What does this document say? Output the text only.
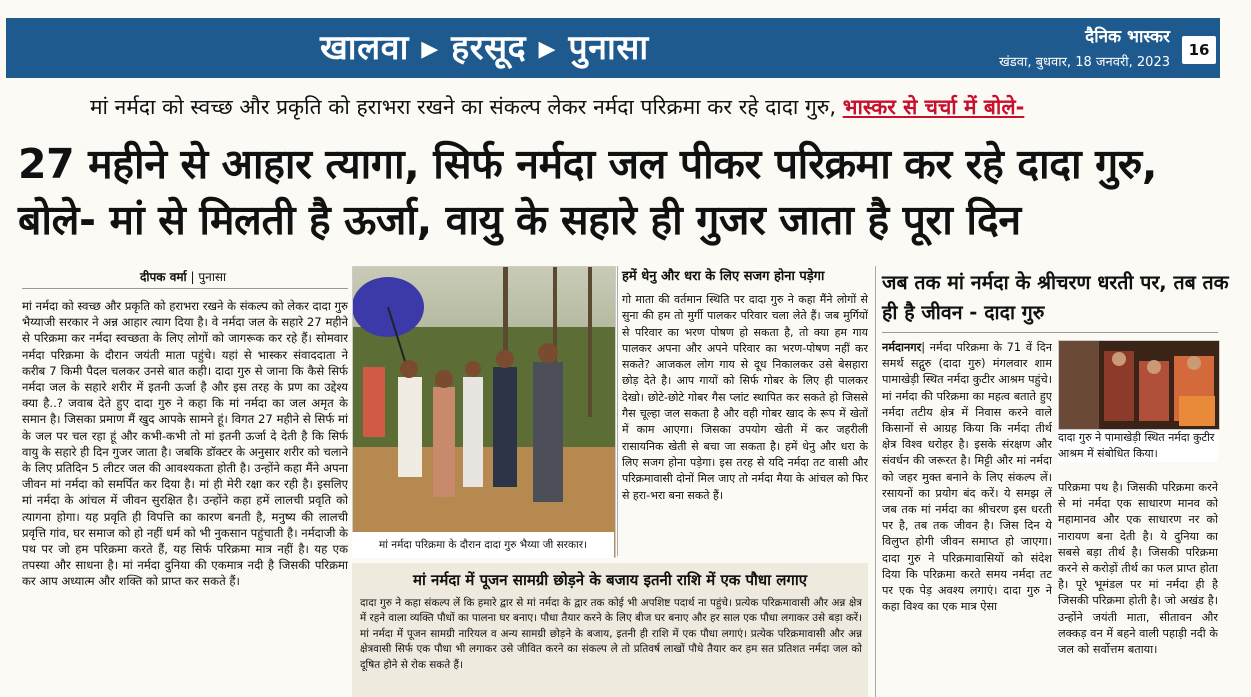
खालवा ▸ हरसूद ▸ पुनासा	दैनिक भास्कर
खंडवा, बुधवार, 18 जनवरी, 2023
16
मां नर्मदा को स्वच्छ और प्रकृति को हराभरा रखने का संकल्प लेकर नर्मदा परिक्रमा कर रहे दादा गुरु, भास्कर से चर्चा में बोले-
27 महीने से आहार त्यागा, सिर्फ नर्मदा जल पीकर परिक्रमा कर रहे दादा गुरु, बोले- मां से मिलती है ऊर्जा, वायु के सहारे ही गुजर जाता है पूरा दिन
दीपक वर्मा | पुनासा
मां नर्मदा को स्वच्छ और प्रकृति को हराभरा रखने के संकल्प को लेकर दादा गुरु भैय्याजी सरकार ने अन्न आहार त्याग दिया है। वे नर्मदा जल के सहारे 27 महीने से परिक्रमा कर नर्मदा स्वच्छता के लिए लोगों को जागरूक कर रहे हैं। सोमवार नर्मदा परिक्रमा के दौरान जयंती माता पहुंचे। यहां से भास्कर संवाददाता ने करीब 7 किमी पैदल चलकर उनसे बात कही। दादा गुरु से जाना कि कैसे सिर्फ नर्मदा जल के सहारे शरीर में इतनी ऊर्जा है और इस तरह के प्रण का उद्देश्य क्या है..? जवाब देते हुए दादा गुरु ने कहा कि मां नर्मदा का जल अमृत के समान है। जिसका प्रमाण मैं खुद आपके सामने हूं। विगत 27 महीने से सिर्फ मां के जल पर चल रहा हूं और कभी-कभी तो मां इतनी ऊर्जा दे देती है कि सिर्फ वायु के सहारे ही दिन गुजर जाता है। जबकि डॉक्टर के अनुसार शरीर को चलाने के लिए प्रतिदिन 5 लीटर जल की आवश्यकता होती है। उन्होंने कहा मैंने अपना जीवन मां नर्मदा को समर्पित कर दिया है। मां ही मेरी रक्षा कर रही है। इसलिए मां नर्मदा के आंचल में जीवन सुरक्षित है। उन्होंने कहा हमें लालची प्रवृति को त्यागना होगा। यह प्रवृति ही विपत्ति का कारण बनती है, मनुष्य की लालची प्रवृत्ति गांव, घर समाज को हो नहीं धर्म को भी नुकसान पहुंचाती है। नर्मदाजी के पथ पर जो हम परिक्रमा करते हैं, यह सिर्फ परिक्रमा मात्र नहीं है। यह एक तपस्या और साधना है। मां नर्मदा दुनिया की एकमात्र नदी है जिसकी परिक्रमा कर आप अध्यात्म और शक्ति को प्राप्त कर सकते हैं।
मां नर्मदा परिक्रमा के दौरान दादा गुरु भैय्या जी सरकार।
हमें धेनु और धरा के लिए सजग होना पड़ेगा
गो माता की वर्तमान स्थिति पर दादा गुरु ने कहा मैंने लोगों से सुना की हम तो मुर्गी पालकर परिवार चला लेते हैं। जब मुर्गियों से परिवार का भरण पोषण हो सकता है, तो क्या हम गाय पालकर अपना और अपने परिवार का भरण-पोषण नहीं कर सकते? आजकल लोग गाय से दूध निकालकर उसे बेसहारा छोड़ देते है। आप गायों को सिर्फ गोबर के लिए ही पालकर देखो। छोटे-छोटे गोबर गैस प्लांट स्थापित कर सकते हो जिससे गैस चूल्हा जल सकता है और वही गोबर खाद के रूप में खेतों में काम आएगा। जिसका उपयोग खेती में कर जहरीली रासायनिक खेती से बचा जा सकता है। हमें धेनु और धरा के लिए सजग होना पड़ेगा। इस तरह से यदि नर्मदा तट वासी और परिक्रमावासी दोनों मिल जाए तो नर्मदा मैया के आंचल को फिर से हरा-भरा बना सकते हैं।
मां नर्मदा में पूजन सामग्री छोड़ने के बजाय इतनी राशि में एक पौधा लगाए
दादा गुरु ने कहा संकल्प लें कि हमारे द्वार से मां नर्मदा के द्वार तक कोई भी अपशिष्ट पदार्थ ना पहुंचे। प्रत्येक परिक्रमावासी और अन्न क्षेत्र में रहने वाला व्यक्ति पौधों का पालना घर बनाए। पौधा तैयार करने के लिए बीज घर बनाए और हर साल एक पौधा लगाकर उसे बड़ा करें। मां नर्मदा में पूजन सामग्री नारियल व अन्य सामग्री छोड़ने के बजाय, इतनी ही राशि में एक पौधा लगाएं। प्रत्येक परिक्रमावासी और अन्न क्षेत्रवासी सिर्फ एक पौधा भी लगाकर उसे जीवित करने का संकल्प ले तो प्रतिवर्ष लाखों पौधे तैयार कर हम सत प्रतिशत नर्मदा जल को दूषित होने से रोक सकते हैं।
जब तक मां नर्मदा के श्रीचरण धरती पर, तब तक ही है जीवन - दादा गुरु
नर्मदानगर| नर्मदा परिक्रमा के 71 वें दिन समर्थ सद्गुरु (दादा गुरु) मंगलवार शाम पामाखेड़ी स्थित नर्मदा कुटीर आश्रम पहुंचे। मां नर्मदा की परिक्रमा का महत्व बताते हुए नर्मदा तटीय क्षेत्र में निवास करने वाले किसानों से आग्रह किया कि नर्मदा तीर्थ क्षेत्र विश्व धरोहर है। इसके संरक्षण और संवर्धन की जरूरत है। मिट्टी और मां नर्मदा को जहर मुक्त बनाने के लिए संकल्प लें। रसायनों का प्रयोग बंद करें। ये समझ लें जब तक मां नर्मदा का श्रीचरण इस धरती पर है, तब तक जीवन है। जिस दिन ये विलुप्त होगी जीवन समाप्त हो जाएगा। दादा गुरु ने परिक्रमावासियों को संदेश दिया कि परिक्रमा करते समय नर्मदा तट पर एक पेड़ अवश्य लगाएं। दादा गुरु ने कहा विश्व का एक मात्र ऐसा
दादा गुरु ने पामाखेड़ी स्थित नर्मदा कुटीर आश्रम में संबोधित किया।
परिक्रमा पथ है। जिसकी परिक्रमा करने से मां नर्मदा एक साधारण मानव को महामानव और एक साधारण नर को नारायण बना देती है। ये दुनिया का सबसे बड़ा तीर्थ है। जिसकी परिक्रमा करने से करोड़ों तीर्थ का फल प्राप्त होता है। पूरे भूमंडल पर मां नर्मदा ही है जिसकी परिक्रमा होती है। जो अखंड है। उन्होंने जयंती माता, सीतावन और लक्कड़ वन में बहने वाली पहाड़ी नदी के जल को सर्वोत्तम बताया।
